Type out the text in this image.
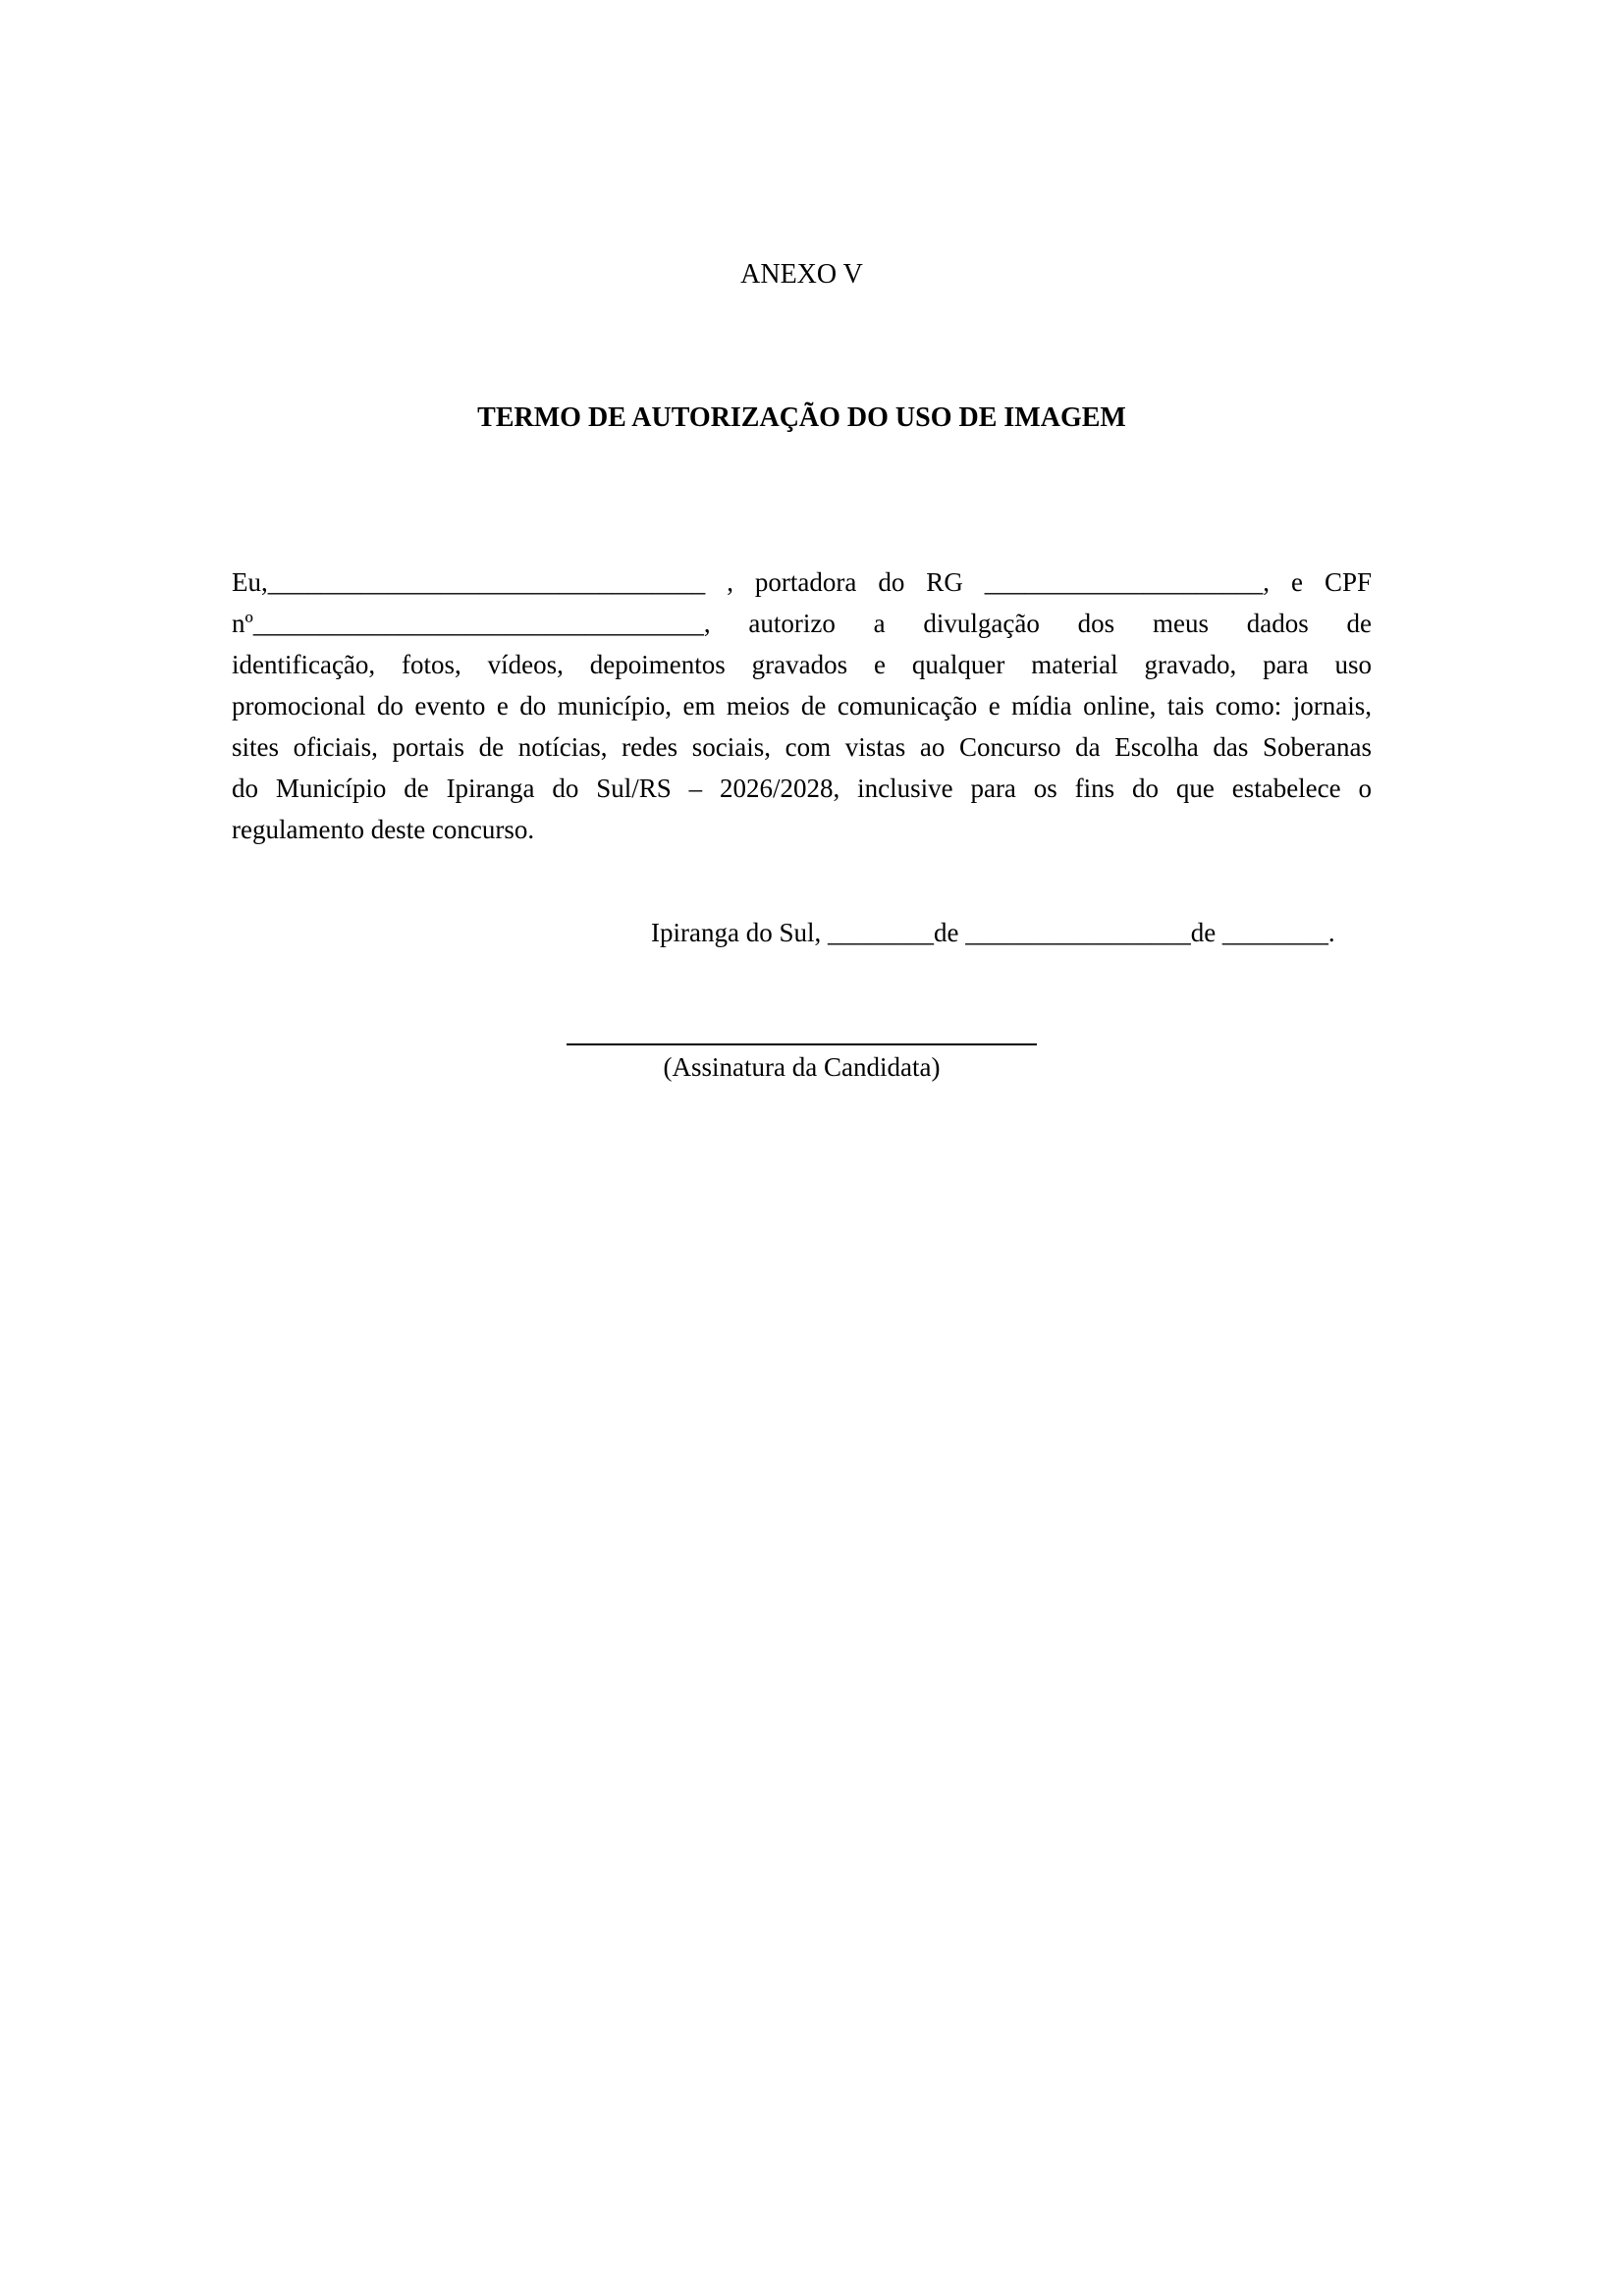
ANEXO V
TERMO DE AUTORIZAÇÃO DO USO DE IMAGEM
Eu,_________________________________ , portadora do RG _____________________, e CPF
nº__________________________________, autorizo a divulgação dos meus dados de
identificação, fotos, vídeos, depoimentos gravados e qualquer material gravado, para uso
promocional do evento e do município, em meios de comunicação e mídia online, tais como: jornais,
sites oficiais, portais de notícias, redes sociais, com vistas ao Concurso da Escolha das Soberanas
do Município de Ipiranga do Sul/RS – 2026/2028, inclusive para os fins do que estabelece o
regulamento deste concurso.
Ipiranga do Sul, ________de _________________de ________.
(Assinatura da Candidata)
